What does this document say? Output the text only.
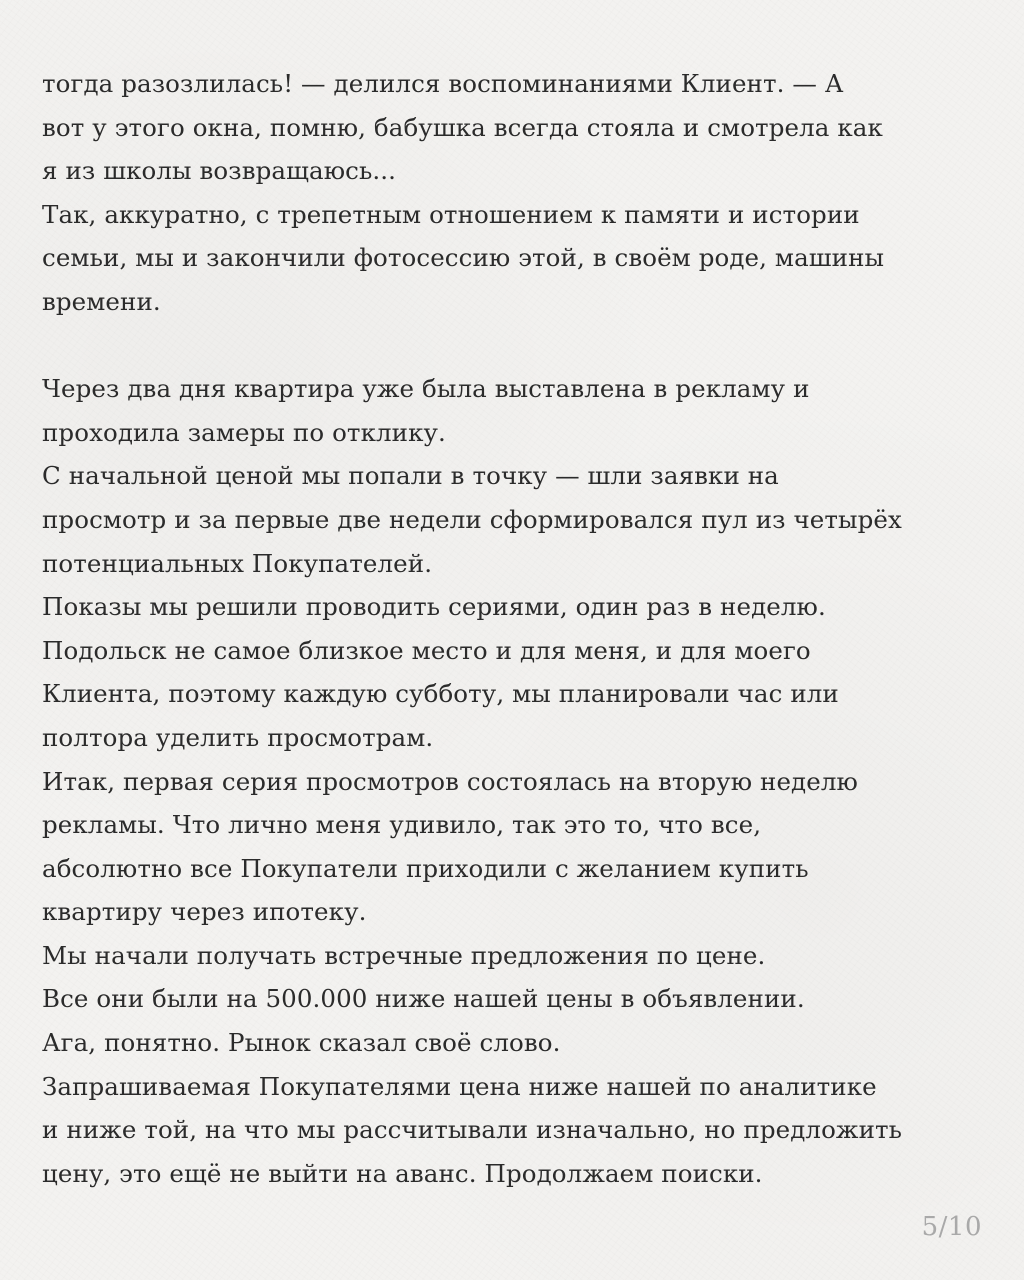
тогда разозлилась! — делился воспоминаниями Клиент. — А
вот у этого окна, помню, бабушка всегда стояла и смотрела как
я из школы возвращаюсь...

Так, аккуратно, с трепетным отношением к памяти и истории
семьи, мы и закончили фотосессию этой, в своём роде, машины
времени.

Через два дня квартира уже была выставлена в рекламу и
проходила замеры по отклику.

С начальной ценой мы попали в точку — шли заявки на
просмотр и за первые две недели сформировался пул из четырёх
потенциальных Покупателей.

Показы мы решили проводить сериями, один раз в неделю.
Подольск не самое близкое место и для меня, и для моего
Клиента, поэтому каждую субботу, мы планировали час или
полтора уделить просмотрам.

Итак, первая серия просмотров состоялась на вторую неделю
рекламы. Что лично меня удивило, так это то, что все,
абсолютно все Покупатели приходили с желанием купить
квартиру через ипотеку.

Мы начали получать встречные предложения по цене.

Все они были на 500.000 ниже нашей цены в объявлении.

Ага, понятно. Рынок сказал своё слово.

Запрашиваемая Покупателями цена ниже нашей по аналитике
и ниже той, на что мы рассчитывали изначально, но предложить
цену, это ещё не выйти на аванс. Продолжаем поиски.

5/10
